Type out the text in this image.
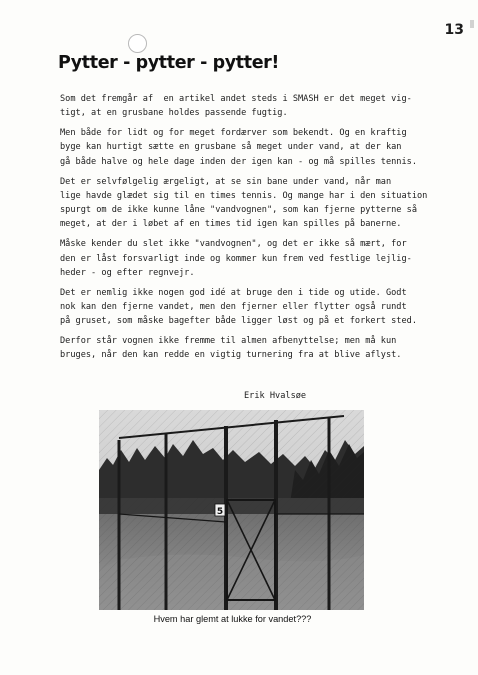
13
Pytter - pytter - pytter!

Som det fremgår af  en artikel andet steds i SMASH er det meget vig-
tigt, at en grusbane holdes passende fugtig.

Men både for lidt og for meget fordærver som bekendt. Og en kraftig
byge kan hurtigt sætte en grusbane så meget under vand, at der kan
gå både halve og hele dage inden der igen kan - og må spilles tennis.

Det er selvfølgelig ærgeligt, at se sin bane under vand, når man
lige havde glædet sig til en times tennis. Og mange har i den situation
spurgt om de ikke kunne låne "vandvognen", som kan fjerne pytterne så
meget, at der i løbet af en times tid igen kan spilles på banerne.

Måske kender du slet ikke "vandvognen", og det er ikke så mært, for
den er låst forsvarligt inde og kommer kun frem ved festlige lejlig-
heder - og efter regnvejr.

Det er nemlig ikke nogen god idé at bruge den i tide og utide. Godt
nok kan den fjerne vandet, men den fjerner eller flytter også rundt
på gruset, som måske bagefter både ligger løst og på et forkert sted.

Derfor står vognen ikke fremme til almen afbenyttelse; men må kun
bruges, når den kan redde en vigtig turnering fra at blive aflyst.

Erik Hvalsøe
5
Hvem har glemt at lukke for vandet???
